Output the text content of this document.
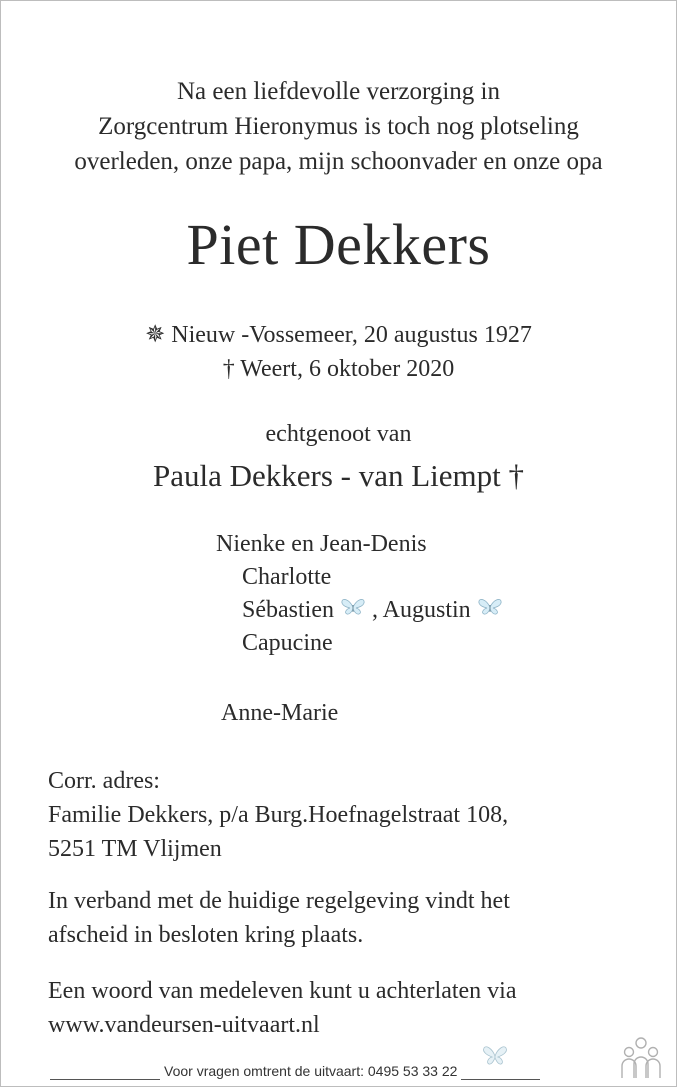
Na een liefdevolle verzorging in
Zorgcentrum Hieronymus is toch nog plotseling
overleden, onze papa, mijn schoonvader en onze opa
Piet Dekkers
✵ Nieuw -Vossemeer, 20 augustus 1927
† Weert, 6 oktober 2020
echtgenoot van
Paula Dekkers - van Liempt †
Nienke en Jean-Denis
Charlotte
Sébastien , Augustin
Capucine
Anne-Marie
Corr. adres:
Familie Dekkers, p/a Burg.Hoefnagelstraat 108,
5251 TM Vlijmen
In verband met de huidige regelgeving vindt het
afscheid in besloten kring plaats.
Een woord van medeleven kunt u achterlaten via
www.vandeursen-uitvaart.nl
Voor vragen omtrent de uitvaart: 0495 53 33 22
